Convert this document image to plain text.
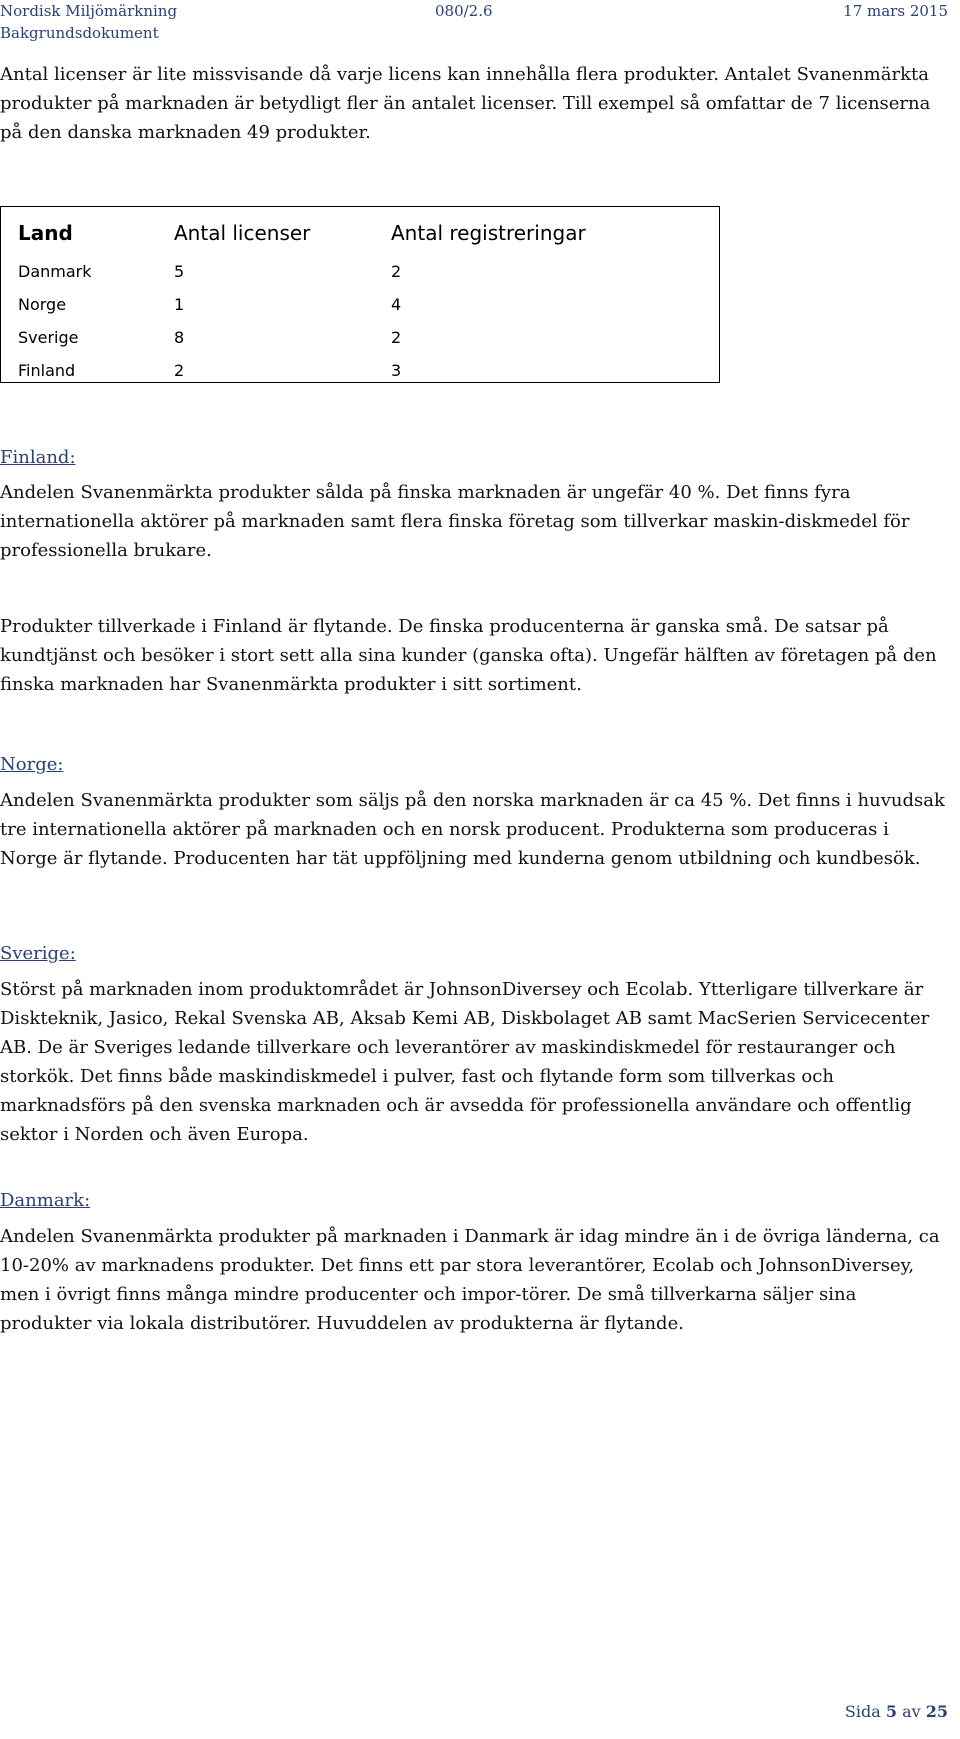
Nordisk Miljömärkning	080/2.6	17 mars 2015
Bakgrundsdokument

Antal licenser är lite missvisande då varje licens kan innehålla flera produkter. Antalet Svanenmärkta produkter på marknaden är betydligt fler än antalet licenser. Till exempel så omfattar de 7 licenserna på den danska marknaden 49 produkter.

Land	Antal licenser	Antal registreringar
Danmark	5	2
Norge	1	4
Sverige	8	2
Finland	2	3
Finland:

Andelen Svanenmärkta produkter sålda på finska marknaden är ungefär 40 %. Det finns fyra internationella aktörer på marknaden samt flera finska företag som tillverkar maskin-diskmedel för professionella brukare.

Produkter tillverkade i Finland är flytande. De finska producenterna är ganska små. De satsar på kundtjänst och besöker i stort sett alla sina kunder (ganska ofta). Ungefär hälften av företagen på den finska marknaden har Svanenmärkta produkter i sitt sortiment.

Norge:

Andelen Svanenmärkta produkter som säljs på den norska marknaden är ca 45 %. Det finns i huvudsak tre internationella aktörer på marknaden och en norsk producent. Produkterna som produceras i Norge är flytande. Producenten har tät uppföljning med kunderna genom utbildning och kundbesök.

Sverige:

Störst på marknaden inom produktområdet är JohnsonDiversey och Ecolab. Ytterligare tillverkare är Diskteknik, Jasico, Rekal Svenska AB, Aksab Kemi AB, Diskbolaget AB samt MacSerien Servicecenter AB. De är Sveriges ledande tillverkare och leverantörer av maskindiskmedel för restauranger och storkök. Det finns både maskindiskmedel i pulver, fast och flytande form som tillverkas och marknadsförs på den svenska marknaden och är avsedda för professionella användare och offentlig sektor i Norden och även Europa.

Danmark:

Andelen Svanenmärkta produkter på marknaden i Danmark är idag mindre än i de övriga länderna, ca 10-20% av marknadens produkter. Det finns ett par stora leverantörer, Ecolab och JohnsonDiversey, men i övrigt finns många mindre producenter och impor-törer. De små tillverkarna säljer sina produkter via lokala distributörer. Huvuddelen av produkterna är flytande.

Sida 5 av 25
